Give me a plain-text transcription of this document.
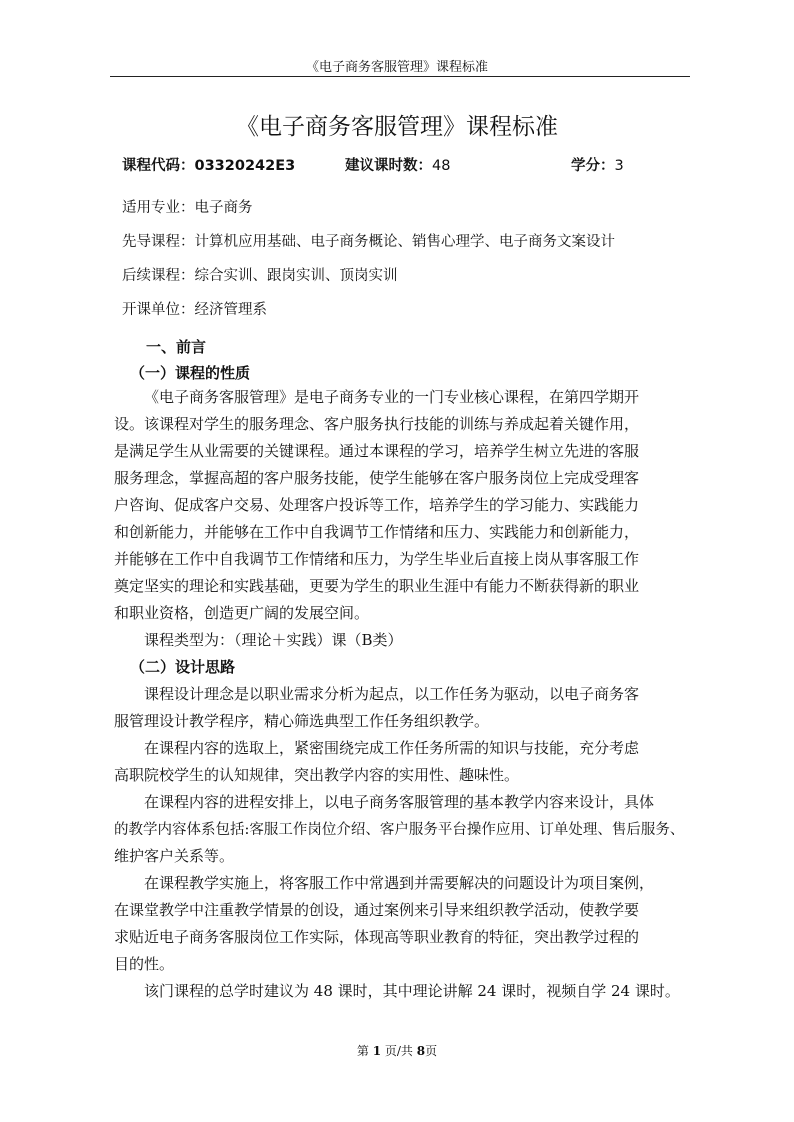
《电子商务客服管理》课程标准
《电子商务客服管理》课程标准
课程代码：03320242E3	建议课时数：48	学分：3
适用专业：电子商务
先导课程：计算机应用基础、电子商务概论、销售心理学、电子商务文案设计
后续课程：综合实训、跟岗实训、顶岗实训
开课单位：经济管理系
一、前言
（一）课程的性质
《电子商务客服管理》是电子商务专业的一门专业核心课程，在第四学期开
设。该课程对学生的服务理念、客户服务执行技能的训练与养成起着关键作用，
是满足学生从业需要的关键课程。通过本课程的学习，培养学生树立先进的客服
服务理念，掌握高超的客户服务技能，使学生能够在客户服务岗位上完成受理客
户咨询、促成客户交易、处理客户投诉等工作，培养学生的学习能力、实践能力
和创新能力，并能够在工作中自我调节工作情绪和压力、实践能力和创新能力，
并能够在工作中自我调节工作情绪和压力，为学生毕业后直接上岗从事客服工作
奠定坚实的理论和实践基础，更要为学生的职业生涯中有能力不断获得新的职业
和职业资格，创造更广阔的发展空间。
课程类型为：（理论＋实践）课（B类）
（二）设计思路
课程设计理念是以职业需求分析为起点，以工作任务为驱动，以电子商务客
服管理设计教学程序，精心筛选典型工作任务组织教学。
在课程内容的选取上，紧密围绕完成工作任务所需的知识与技能，充分考虑
高职院校学生的认知规律，突出教学内容的实用性、趣味性。
在课程内容的进程安排上，以电子商务客服管理的基本教学内容来设计，具体
的教学内容体系包括:客服工作岗位介绍、客户服务平台操作应用、订单处理、售后服务、
维护客户关系等。
在课程教学实施上，将客服工作中常遇到并需要解决的问题设计为项目案例，
在课堂教学中注重教学情景的创设，通过案例来引导来组织教学活动，使教学要
求贴近电子商务客服岗位工作实际，体现高等职业教育的特征，突出教学过程的
目的性。
该门课程的总学时建议为 48 课时，其中理论讲解 24 课时，视频自学 24 课时。
第 1 页/共 8页
